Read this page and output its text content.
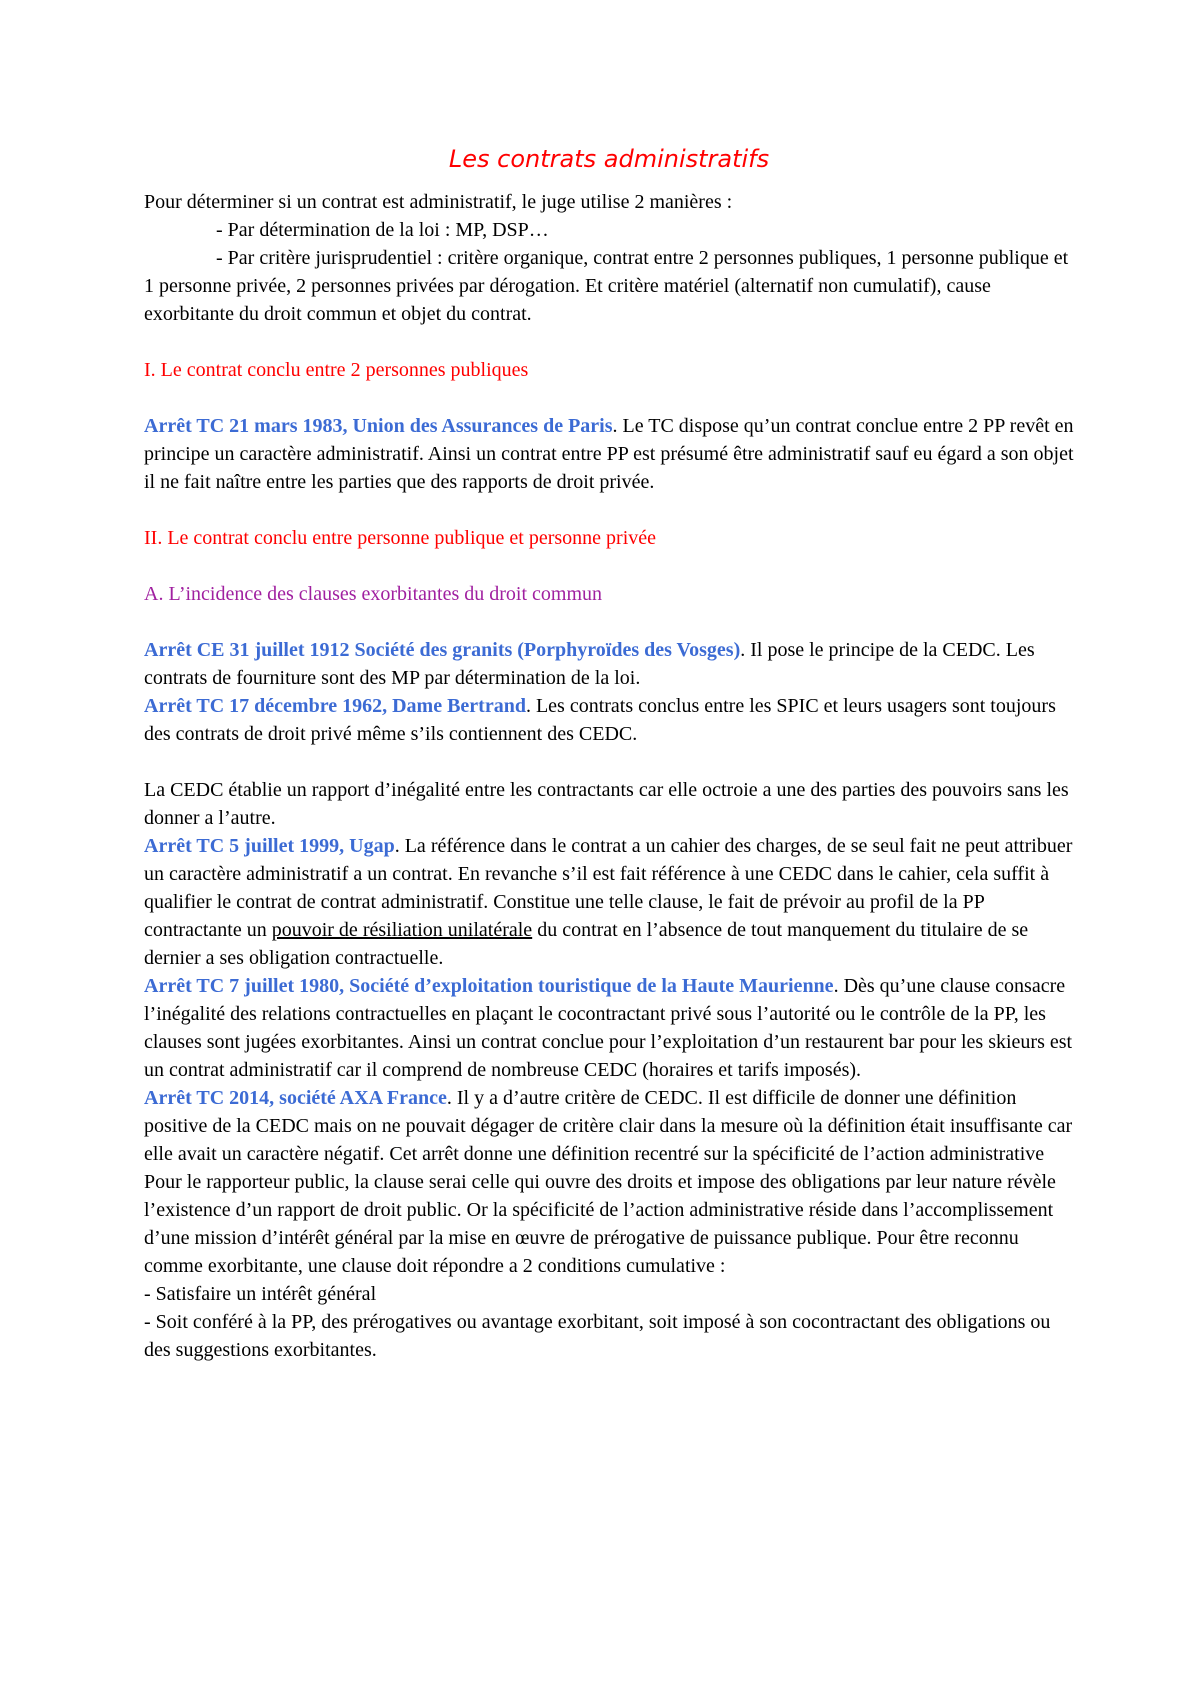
Les contrats administratifs

Pour déterminer si un contrat est administratif, le juge utilise 2 manières :

- Par détermination de la loi : MP, DSP…

- Par critère jurisprudentiel : critère organique, contrat entre 2 personnes publiques, 1 personne publique et 1 personne privée, 2 personnes privées par dérogation. Et critère matériel (alternatif non cumulatif), cause exorbitante du droit commun et objet du contrat.

I. Le contrat conclu entre 2 personnes publiques

Arrêt TC 21 mars 1983, Union des Assurances de Paris. Le TC dispose qu’un contrat conclue entre 2 PP revêt en principe un caractère administratif. Ainsi un contrat entre PP est présumé être administratif sauf eu égard a son objet il ne fait naître entre les parties que des rapports de droit privée.

II. Le contrat conclu entre personne publique et personne privée

A. L’incidence des clauses exorbitantes du droit commun

Arrêt CE 31 juillet 1912 Société des granits (Porphyroïdes des Vosges). Il pose le principe de la CEDC. Les contrats de fourniture sont des MP par détermination de la loi.

Arrêt TC 17 décembre 1962, Dame Bertrand. Les contrats conclus entre les SPIC et leurs usagers sont toujours des contrats de droit privé même s’ils contiennent des CEDC.

La CEDC établie un rapport d’inégalité entre les contractants car elle octroie a une des parties des pouvoirs sans les donner a l’autre.

Arrêt TC 5 juillet 1999, Ugap. La référence dans le contrat a un cahier des charges, de se seul fait ne peut attribuer un caractère administratif a un contrat. En revanche s’il est fait référence à une CEDC dans le cahier, cela suffit à qualifier le contrat de contrat administratif. Constitue une telle clause, le fait de prévoir au profil de la PP contractante un pouvoir de résiliation unilatérale du contrat en l’absence de tout manquement du titulaire de se dernier a ses obligation contractuelle.

Arrêt TC 7 juillet 1980, Société d’exploitation touristique de la Haute Maurienne. Dès qu’une clause consacre l’inégalité des relations contractuelles en plaçant le cocontractant privé sous l’autorité ou le contrôle de la PP, les clauses sont jugées exorbitantes. Ainsi un contrat conclue pour l’exploitation d’un restaurent bar pour les skieurs est un contrat administratif car il comprend de nombreuse CEDC (horaires et tarifs imposés).

Arrêt TC 2014, société AXA France. Il y a d’autre critère de CEDC. Il est difficile de donner une définition positive de la CEDC mais on ne pouvait dégager de critère clair dans la mesure où la définition était insuffisante car elle avait un caractère négatif. Cet arrêt donne une définition recentré sur la spécificité de l’action administrative Pour le rapporteur public, la clause serai celle qui ouvre des droits et impose des obligations par leur nature révèle l’existence d’un rapport de droit public. Or la spécificité de l’action administrative réside dans l’accomplissement d’une mission d’intérêt général par la mise en œuvre de prérogative de puissance publique. Pour être reconnu comme exorbitante, une clause doit répondre a 2 conditions cumulative :

- Satisfaire un intérêt général

- Soit conféré à la PP, des prérogatives ou avantage exorbitant, soit imposé à son cocontractant des obligations ou des suggestions exorbitantes.
